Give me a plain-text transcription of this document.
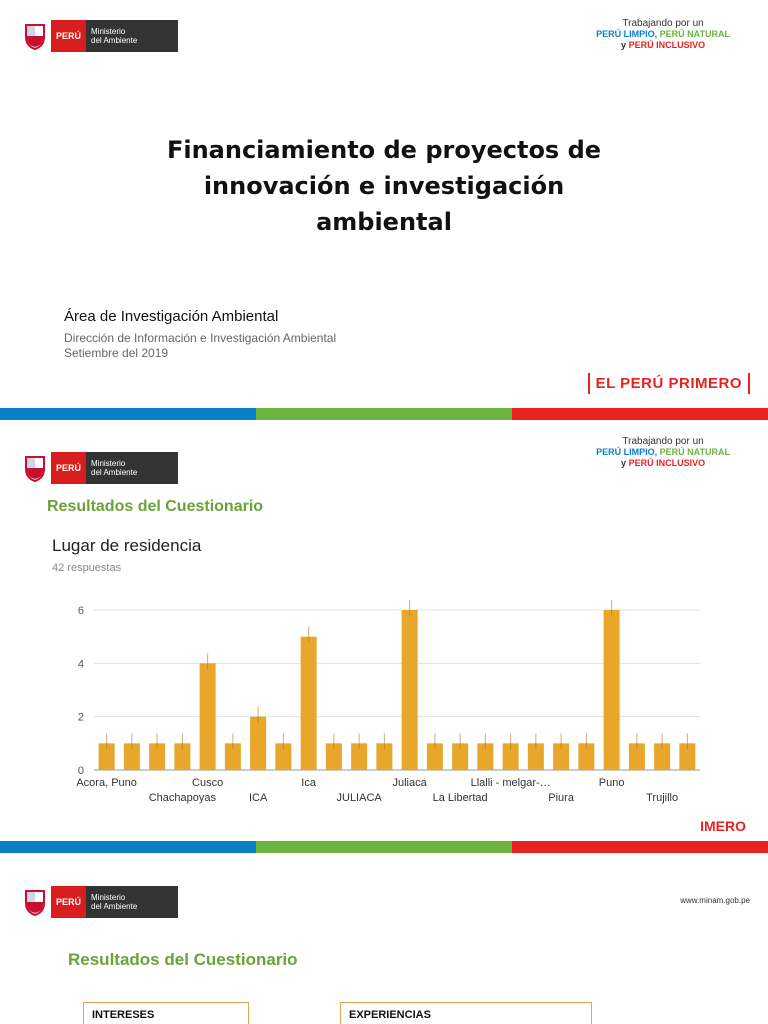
PERÚ	Ministerio
del Ambiente
Trabajando por un
PERÚ LIMPIO, PERÚ NATURAL
y PERÚ INCLUSIVO
Financiamiento de proyectos de
innovación e investigación
ambiental
Área de Investigación Ambiental
Dirección de Información e Investigación Ambiental
Setiembre del 2019
EL PERÚ PRIMERO
PERÚ	Ministerio
del Ambiente
Trabajando por un
PERÚ LIMPIO, PERÚ NATURAL
y PERÚ INCLUSIVO
Resultados del Cuestionario
Lugar de residencia
42 respuestas
0
2
4
6
Acora, Puno
Chachapoyas
Cusco
ICA
Ica
JULIACA
Juliaca
La Libertad
Llalli - melgar-…
Piura
Puno
Trujillo
IMERO
PERÚ	Ministerio
del Ambiente
www.minam.gob.pe
Resultados del Cuestionario
INTERESES	EXPERIENCIAS
